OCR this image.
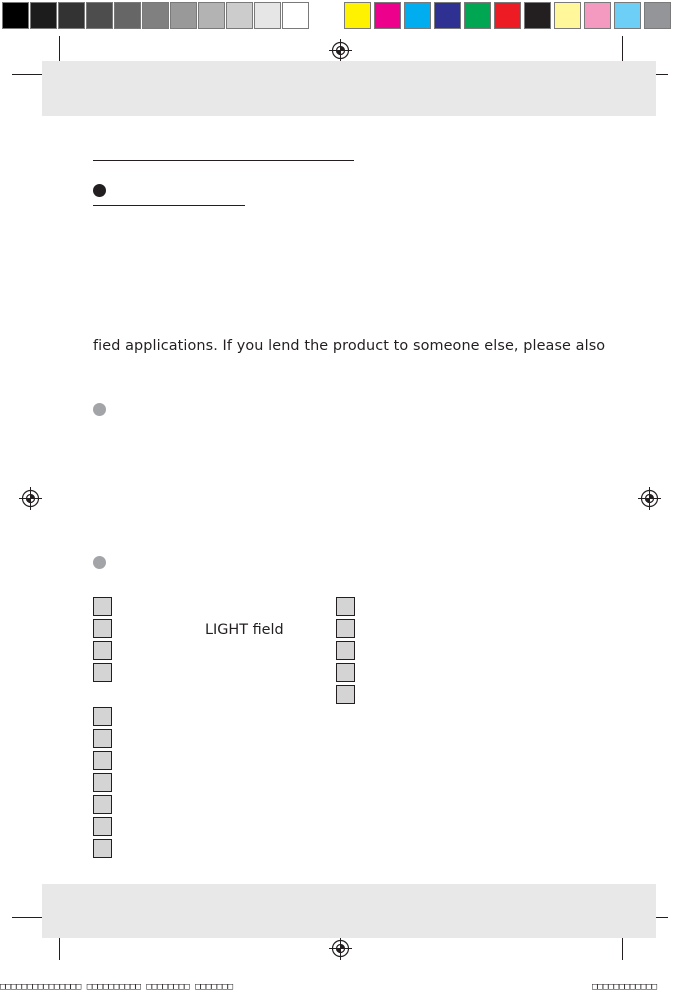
fied applications. If you lend the product to someone else, please also
LIGHT field
□□□□□□□□□□□□□□□ □□□□□□□□□□ □□□□□□□□ □□□□□□□	□□□□□□□□□□□□
